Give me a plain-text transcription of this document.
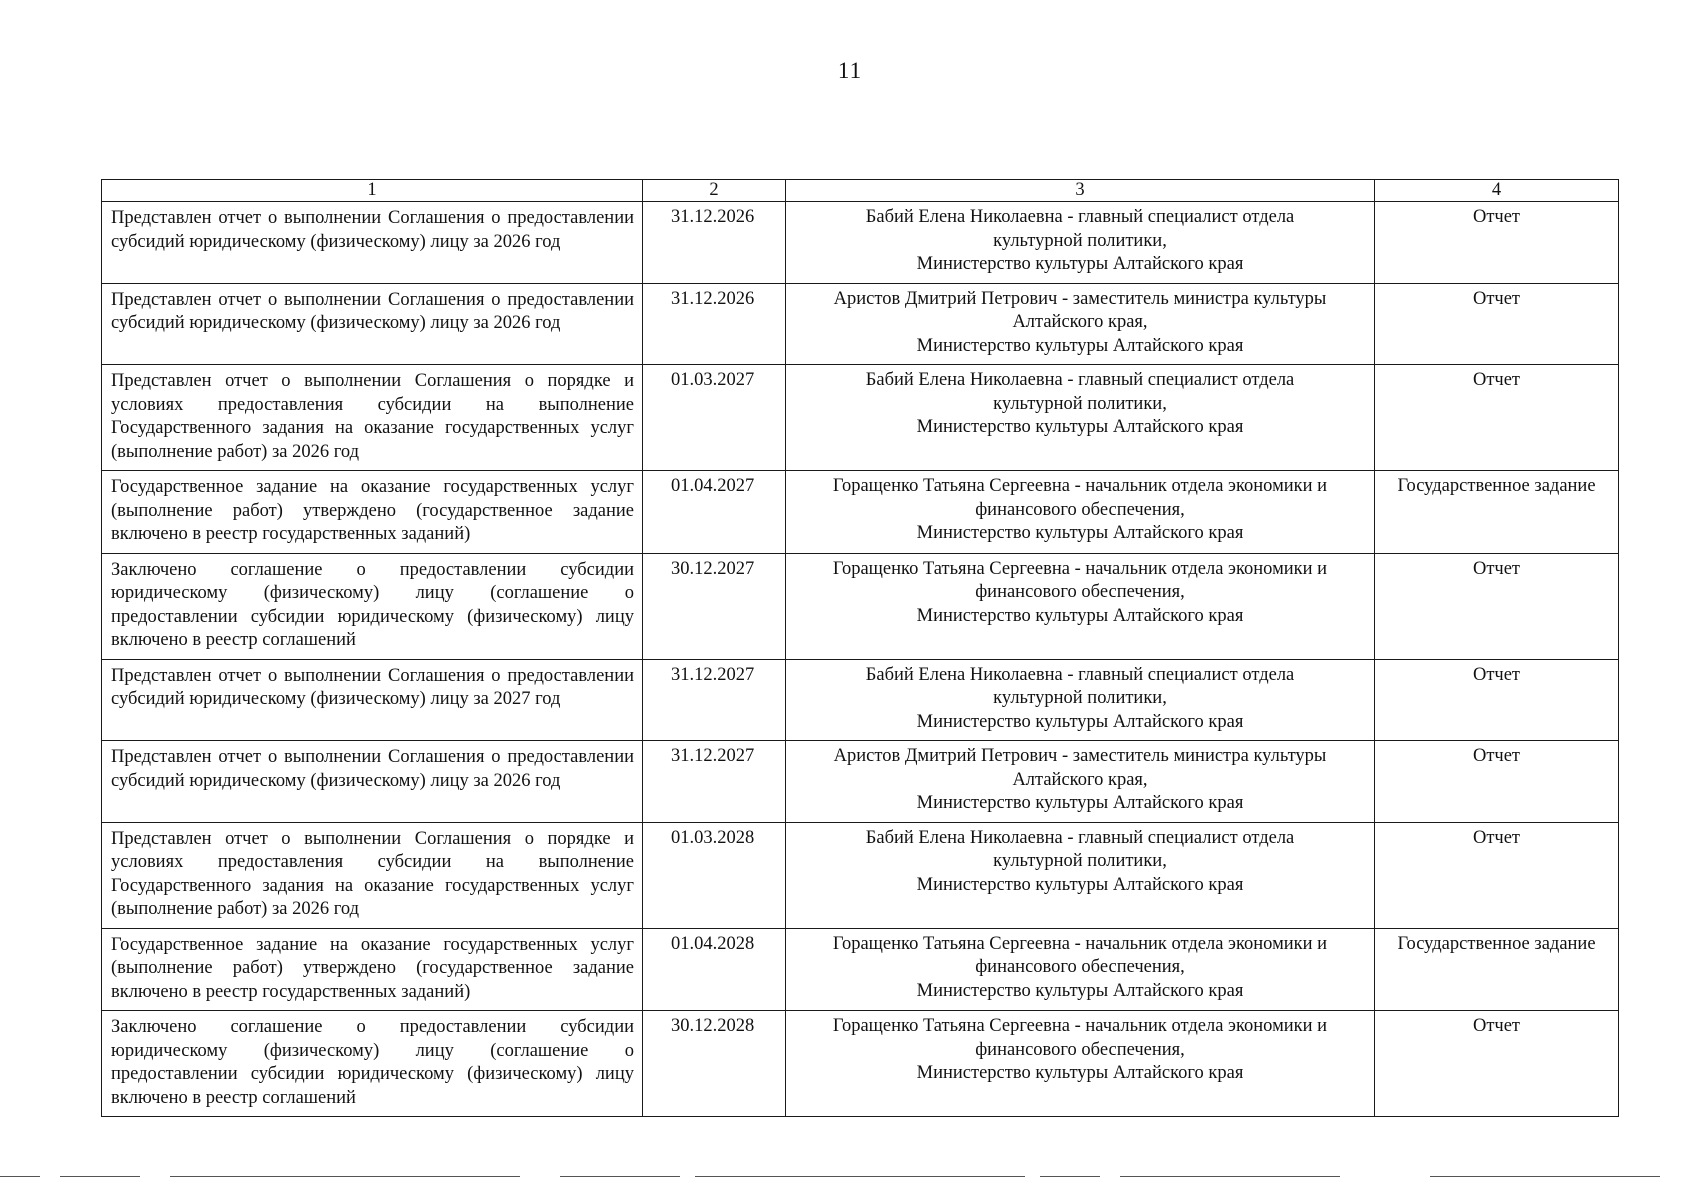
11
1	2	3	4

Представлен отчет о выполнении Соглашения о предоставлении субсидий юридическому (физическому) лицу за 2026 год	31.12.2026	Бабий Елена Николаевна - главный специалист отдела
культурной политики,
Министерство культуры Алтайского края	Отчет

Представлен отчет о выполнении Соглашения о предоставлении субсидий юридическому (физическому) лицу за 2026 год	31.12.2026	Аристов Дмитрий Петрович - заместитель министра культуры
Алтайского края,
Министерство культуры Алтайского края	Отчет

Представлен отчет о выполнении Соглашения о порядке и условиях предоставления субсидии на выполнение Государственного задания на оказание государственных услуг (выполнение работ) за 2026 год	01.03.2027	Бабий Елена Николаевна - главный специалист отдела
культурной политики,
Министерство культуры Алтайского края	Отчет

Государственное задание на оказание государственных услуг (выполнение работ) утверждено (государственное задание включено в реестр государственных заданий)	01.04.2027	Горащенко Татьяна Сергеевна - начальник отдела экономики и
финансового обеспечения,
Министерство культуры Алтайского края	Государственное задание

Заключено соглашение о предоставлении субсидии юридическому (физическому) лицу (соглашение о предоставлении субсидии юридическому (физическому) лицу включено в реестр соглашений	30.12.2027	Горащенко Татьяна Сергеевна - начальник отдела экономики и
финансового обеспечения,
Министерство культуры Алтайского края	Отчет

Представлен отчет о выполнении Соглашения о предоставлении субсидий юридическому (физическому) лицу за 2027 год	31.12.2027	Бабий Елена Николаевна - главный специалист отдела
культурной политики,
Министерство культуры Алтайского края	Отчет

Представлен отчет о выполнении Соглашения о предоставлении субсидий юридическому (физическому) лицу за 2026 год	31.12.2027	Аристов Дмитрий Петрович - заместитель министра культуры
Алтайского края,
Министерство культуры Алтайского края	Отчет

Представлен отчет о выполнении Соглашения о порядке и условиях предоставления субсидии на выполнение Государственного задания на оказание государственных услуг (выполнение работ) за 2026 год	01.03.2028	Бабий Елена Николаевна - главный специалист отдела
культурной политики,
Министерство культуры Алтайского края	Отчет

Государственное задание на оказание государственных услуг (выполнение работ) утверждено (государственное задание включено в реестр государственных заданий)	01.04.2028	Горащенко Татьяна Сергеевна - начальник отдела экономики и
финансового обеспечения,
Министерство культуры Алтайского края	Государственное задание

Заключено соглашение о предоставлении субсидии юридическому (физическому) лицу (соглашение о предоставлении субсидии юридическому (физическому) лицу включено в реестр соглашений	30.12.2028	Горащенко Татьяна Сергеевна - начальник отдела экономики и
финансового обеспечения,
Министерство культуры Алтайского края	Отчет
